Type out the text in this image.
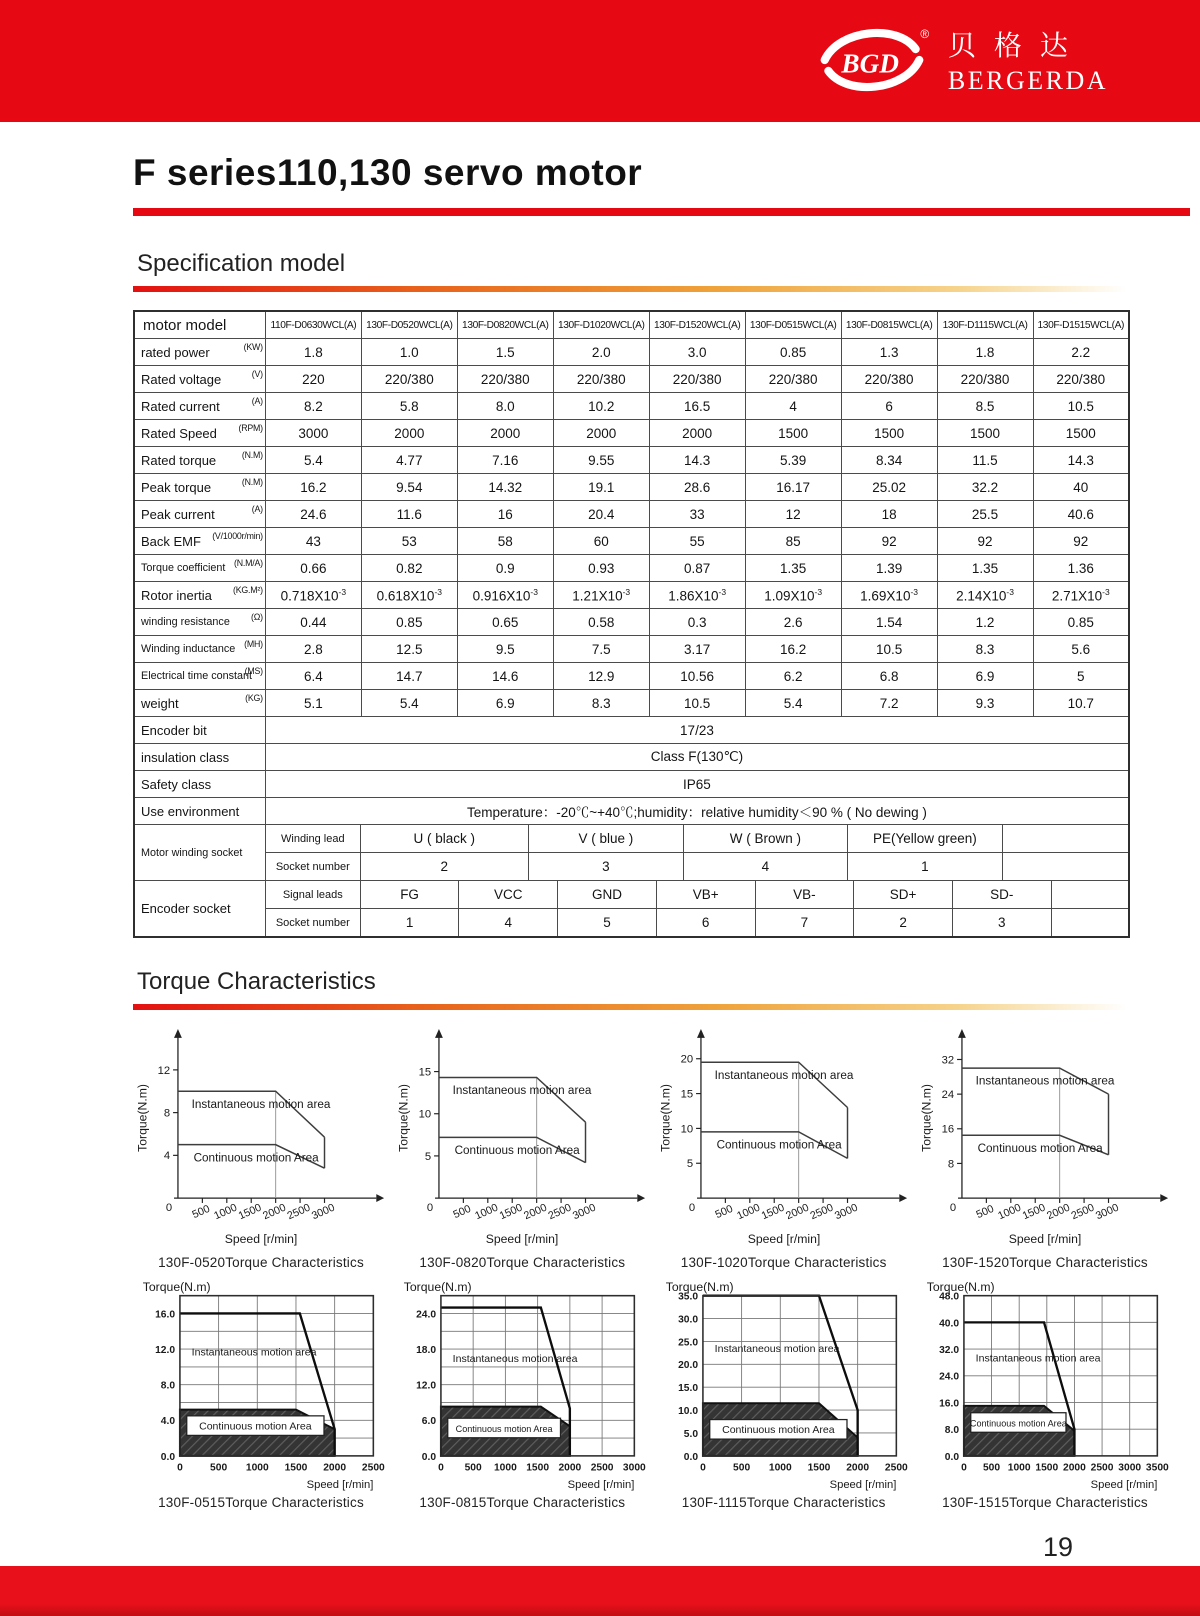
BGD
® 贝格达
BERGERDA
F series110,130 servo motor
Specification model
motor model	110F-D0630WCL(A)	130F-D0520WCL(A)	130F-D0820WCL(A)	130F-D1020WCL(A)	130F-D1520WCL(A)	130F-D0515WCL(A)	130F-D0815WCL(A)	130F-D1115WCL(A)	130F-D1515WCL(A)
rated power (KW)	1.8	1.0	1.5	2.0	3.0	0.85	1.3	1.8	2.2
Rated voltage (V)	220	220/380	220/380	220/380	220/380	220/380	220/380	220/380	220/380
Rated current (A)	8.2	5.8	8.0	10.2	16.5	4	6	8.5	10.5
Rated Speed (RPM)	3000	2000	2000	2000	2000	1500	1500	1500	1500
Rated torque (N.M)	5.4	4.77	7.16	9.55	14.3	5.39	8.34	11.5	14.3
Peak torque (N.M)	16.2	9.54	14.32	19.1	28.6	16.17	25.02	32.2	40
Peak current (A)	24.6	11.6	16	20.4	33	12	18	25.5	40.6
Back EMF (V/1000r/min)	43	53	58	60	55	85	92	92	92
Torque coefficient (N.M/A)	0.66	0.82	0.9	0.93	0.87	1.35	1.39	1.35	1.36
Rotor inertia (KG.M²)	$0.718X10^{-3}$	$0.618X10^{-3}$	$0.916X10^{-3}$	$1.21X10^{-3}$	$1.86X10^{-3}$	$1.09X10^{-3}$	$1.69X10^{-3}$	$2.14X10^{-3}$	$2.71X10^{-3}$
winding resistance (Ω)	0.44	0.85	0.65	0.58	0.3	2.6	1.54	1.2	0.85
Winding inductance (MH)	2.8	12.5	9.5	7.5	3.17	16.2	10.5	8.3	5.6
Electrical time constant
(MS)	6.4	14.7	14.6	12.9	10.56	6.2	6.8	6.9	5
weight (KG)	5.1	5.4	6.9	8.3	10.5	5.4	7.2	9.3	10.7
Encoder bit	17/23								
insulation class	Class F(130℃)								
Safety class	IP65								
Use environment	Temperature：-20℃~+40℃;humidity：relative humidity＜90 % ( No dewing )								
Motor winding socket	Winding lead U ( black ) V ( blue ) W ( Brown ) PE(Yellow green)								

Socket number 2 3 4 1								

Encoder socket	
Signal leads	FG	VCC	GND	VB+	VB-	SD+	SD-

Socket number	1	4	5	6	7	2	3
Torque Characteristics
4
8
12
0 500 1000
1500
2000
2500
3000
Instantaneous motion area
Continuous motion Area
Torque(N.m)
Speed [r/min]
130F-0520Torque Characteristics
5
10
15
0 500 1000
1500
2000
2500
3000
Instantaneous motion area
Continuous motion Area
Torque(N.m)
Speed [r/min]
130F-0820Torque Characteristics
5
10
15
20
0 500 1000
1500
2000
2500
3000
Instantaneous motion area
Continuous motion Area
Torque(N.m)
Speed [r/min]
130F-1020Torque Characteristics
8
16
24
32
0 500 1000
1500
2000
2500
3000
Instantaneous motion area
Continuous motion Area
Torque(N.m)
Speed [r/min]
130F-1520Torque Characteristics
Instantaneous motion area
Continuous motion Area
0.0
4.0
8.0
12.0
16.0
0	500 1000 1500 2000 2500
Torque(N.m)
Speed [r/min]
130F-0515Torque Characteristics
Instantaneous motion area
Continuous motion Area
0.0
6.0
12.0
18.0
24.0
0 500 1000 1500 2000 2500 3000
Torque(N.m)
Speed [r/min]
130F-0815Torque Characteristics
Instantaneous motion area
Continuous motion Area
0.0
5.0
10.0
15.0
20.0
25.0
30.0
35.0
0	500 1000 1500 2000 2500
Torque(N.m)
Speed [r/min]
130F-1115Torque Characteristics
Instantaneous motion area
Continuous motion Area
0.0
8.0
16.0
24.0
32.0
40.0
48.0
0 500 1000 1500 2000 2500 3000 3500
Torque(N.m)
Speed [r/min]
130F-1515Torque Characteristics
19
